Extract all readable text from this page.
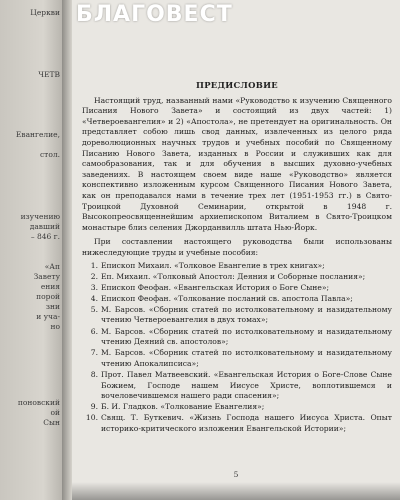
Церкви
ЧЕТВ
Евангелие,
стол.
изучению
давший
– 846 г.
«Ап
Завету
ения
порой
зни
и уча-
но
поновский
ой
Сын
БЛАГОВЕСТ
ПРЕДИСЛОВИЕ

Настоящий труд, названный нами «Руководство к изучению Священного Писания Нового Завета» и состоящий из двух частей: 1) «Четвероевангелия» и 2) «Апостола», не претендует на оригинальность. Он представляет собою лишь свод данных, извлеченных из целого ряда дореволюционных научных трудов и учебных пособий по Священному Писанию Нового Завета, изданных в России и служивших как для самообразования, так и для обучения в высших духовно-учебных заведениях. В настоящем своем виде наше «Руководство» является конспективно изложенным курсом Священного Писания Нового Завета, как он преподавался нами в течение трех лет (1951-1953 гг.) в Свято-Троицкой Духовной Семинарии, открытой в 1948 г. Высокопреосвященнейшим архиепископом Виталием в Свято-Троицком монастыре близ селения Джорданвилль штата Нью-Йорк.

При составлении настоящего руководства были использованы нижеследующие труды и учебные пособия:

1. Епископ Михаил. «Толковое Евангелие в трех книгах»;
2. Еп. Михаил. «Толковый Апостол: Деяния и Соборные послания»;
3. Епископ Феофан. «Евангельская История о Боге Сыне»;
4. Епископ Феофан. «Толкование посланий св. апостола Павла»;
5. М. Барсов. «Сборник статей по истолковательному и назидательному чтению Четвероевангелия в двух томах»;
6. М. Барсов. «Сборник статей по истолковательному и назидательному чтению Деяний св. апостолов»;
7. М. Барсов. «Сборник статей по истолковательному и назидательному чтению Апокалипсиса»;
8. Прот. Павел Матвеевский. «Евангельская История о Боге-Слове Сыне Божием, Господе нашем Иисусе Христе, воплотившемся и вочеловечившемся нашего ради спасения»;
9. Б. И. Гладков. «Толкование Евангелия»;
10. Свящ. Т. Буткевич. «Жизнь Господа нашего Иисуса Христа. Опыт историко-критического изложения Евангельской Истории»;
5
